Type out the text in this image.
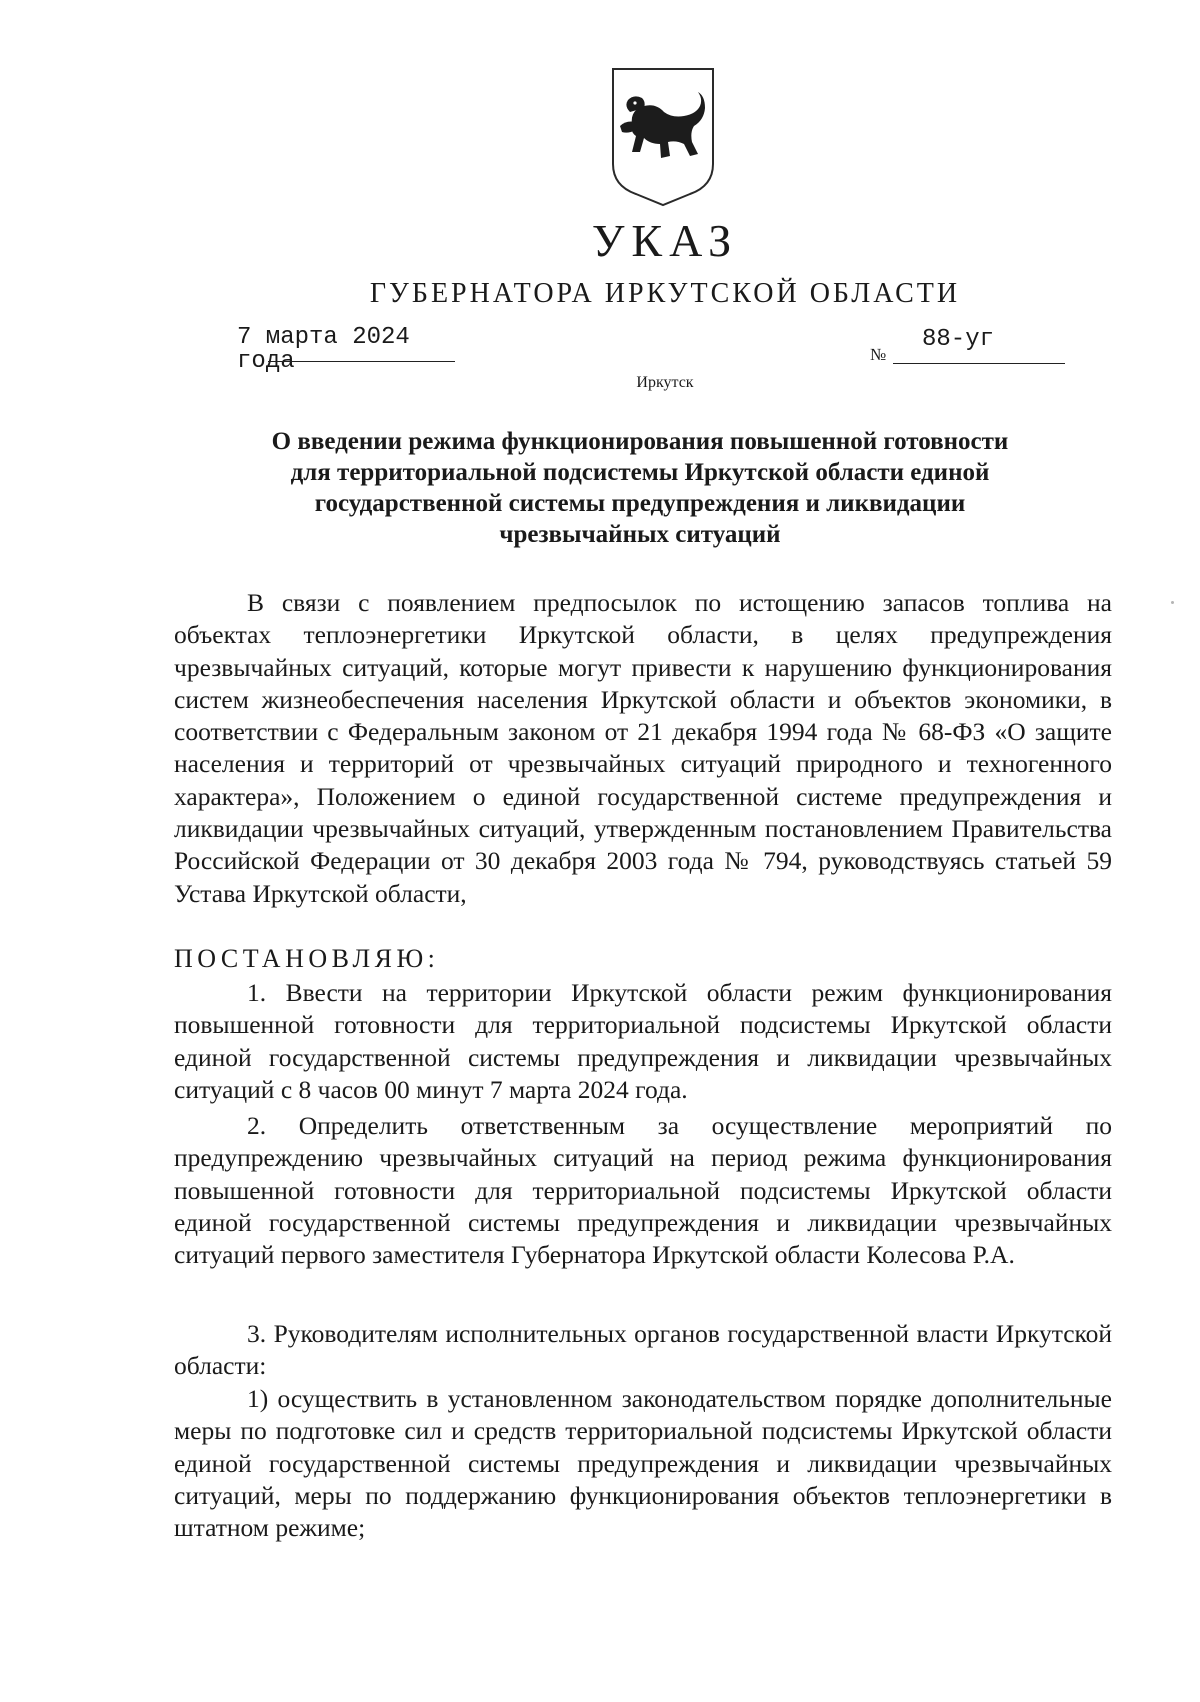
УКАЗ
ГУБЕРНАТОРА ИРКУТСКОЙ ОБЛАСТИ
7 марта 2024 года	№
88-уг
Иркутск
О введении режима функционирования повышенной готовности
для территориальной подсистемы Иркутской области единой
государственной системы предупреждения и ликвидации
чрезвычайных ситуаций

В связи с появлением предпосылок по истощению запасов топлива на объектах теплоэнергетики Иркутской области, в целях предупреждения чрезвычайных ситуаций, которые могут привести к нарушению функционирования систем жизнеобеспечения населения Иркутской области и объектов экономики, в соответствии с Федеральным законом от 21 декабря 1994 года № 68-ФЗ «О защите населения и территорий от чрезвычайных ситуаций природного и техногенного характера», Положением о единой государственной системе предупреждения и ликвидации чрезвычайных ситуаций, утвержденным постановлением Правительства Российской Федерации от 30 декабря 2003 года № 794, руководствуясь статьей 59 Устава Иркутской области,

ПОСТАНОВЛЯЮ:

1. Ввести на территории Иркутской области режим функционирования повышенной готовности для территориальной подсистемы Иркутской области единой государственной системы предупреждения и ликвидации чрезвычайных ситуаций с 8 часов 00 минут 7 марта 2024 года.

2. Определить ответственным за осуществление мероприятий по предупреждению чрезвычайных ситуаций на период режима функционирования повышенной готовности для территориальной подсистемы Иркутской области единой государственной системы предупреждения и ликвидации чрезвычайных ситуаций первого заместителя Губернатора Иркутской области Колесова Р.А.

3. Руководителям исполнительных органов государственной власти Иркутской области:

1) осуществить в установленном законодательством порядке дополнительные меры по подготовке сил и средств территориальной подсистемы Иркутской области единой государственной системы предупреждения и ликвидации чрезвычайных ситуаций, меры по поддержанию функционирования объектов теплоэнергетики в штатном режиме;
